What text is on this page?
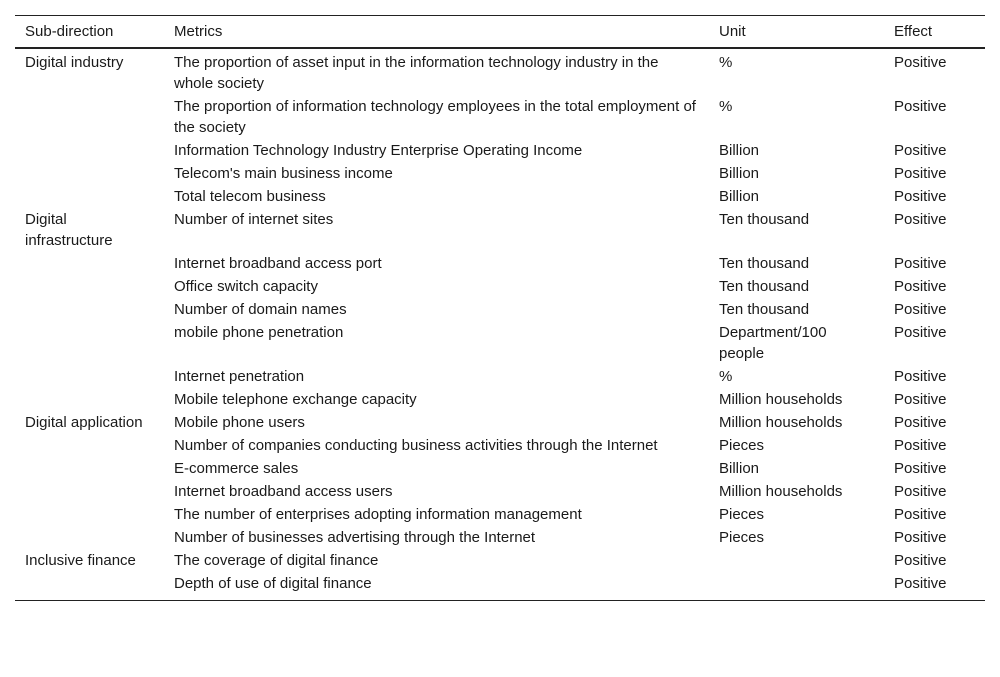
Sub-direction	Metrics	Unit	Effect
Digital industry	The proportion of asset input in the information technology industry in the whole society	%	Positive
	The proportion of information technology employees in the total employment of the society	%	Positive
	Information Technology Industry Enterprise Operating Income	Billion	Positive
	Telecom's main business income	Billion	Positive
	Total telecom business	Billion	Positive
Digital infrastructure	Number of internet sites	Ten thousand	Positive
	Internet broadband access port	Ten thousand	Positive
	Office switch capacity	Ten thousand	Positive
	Number of domain names	Ten thousand	Positive
	mobile phone penetration	Department/100 people	Positive
	Internet penetration	%	Positive
	Mobile telephone exchange capacity	Million households	Positive
Digital application	Mobile phone users	Million households	Positive
	Number of companies conducting business activities through the Internet	Pieces	Positive
	E-commerce sales	Billion	Positive
	Internet broadband access users	Million households	Positive
	The number of enterprises adopting information management	Pieces	Positive
	Number of businesses advertising through the Internet	Pieces	Positive
Inclusive finance	The coverage of digital finance		Positive
	Depth of use of digital finance		Positive
